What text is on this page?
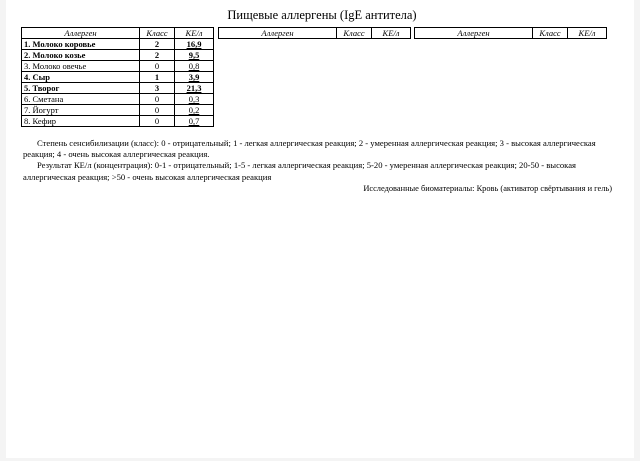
Пищевые аллергены (IgE антитела)
Аллерген	Класс	КЕ/л
1. Молоко коровье	2	16,9
2. Молоко козье	2	9,5
3. Молоко овечье	0	0,8
4. Сыр	1	3,9
5. Творог	3	21,3
6. Сметана	0	0,3
7. Йогурт	0	0,2
8. Кефир	0	0,7
Аллерген	Класс	КЕ/л	Аллерген	Класс	КЕ/л

Степень сенсибилизации (класс): 0 - отрицательный; 1 - легкая аллергическая реакция; 2 - умеренная аллергическая реакция; 3 - высокая аллергическая реакция; 4 - очень высокая аллергическая реакция.

Результат КЕ/л (концентрация): 0-1 - отрицательный; 1-5 - легкая аллергическая реакция; 5-20 - умеренная аллергическая реакция; 20-50 - высокая аллергическая реакция; >50 - очень высокая аллергическая реакция

Исследованные биоматериалы: Кровь (активатор свёртывания и гель)
